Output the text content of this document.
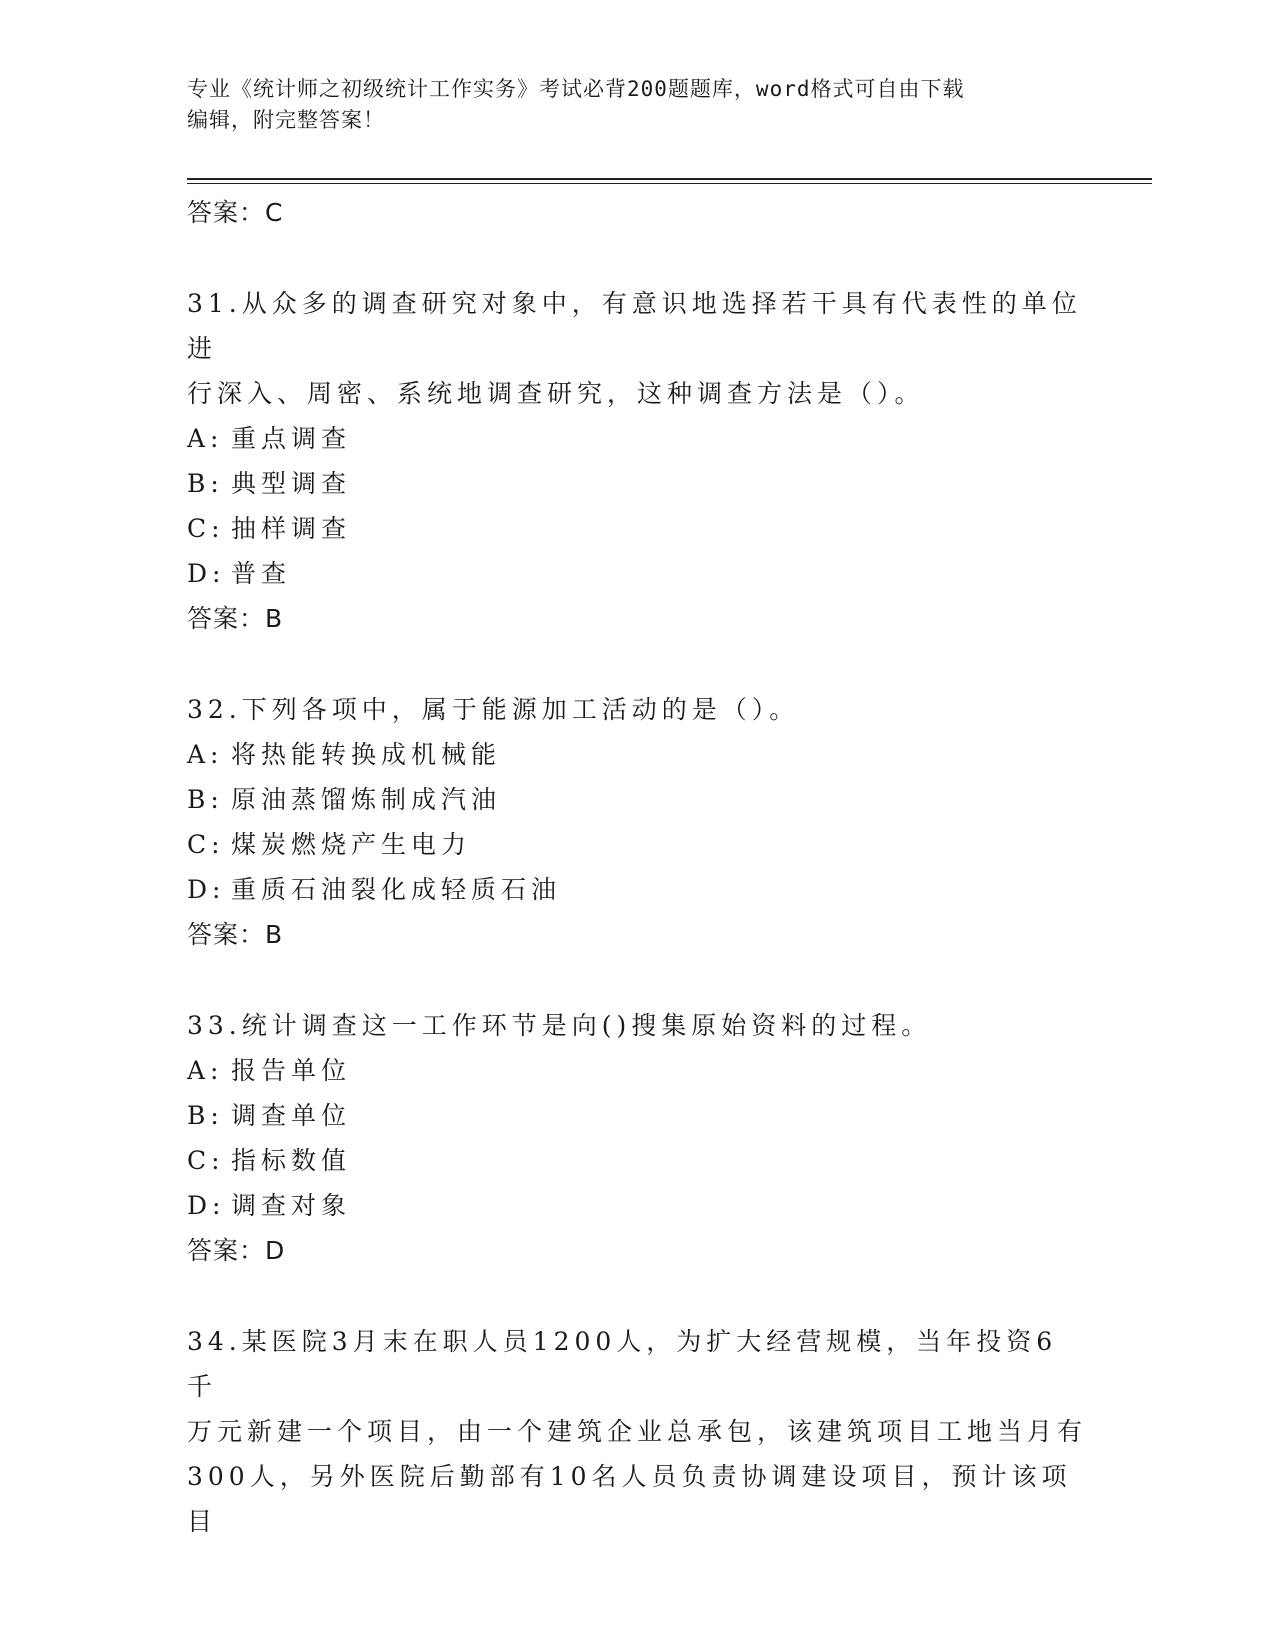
专业《统计师之初级统计工作实务》考试必背200题题库，word格式可自由下载
编辑，附完整答案！
答案：C
31.从众多的调查研究对象中，有意识地选择若干具有代表性的单位进
行深入、周密、系统地调查研究，这种调查方法是（）。
A: 重点调查
B: 典型调查
C: 抽样调查
D: 普查
答案：B
32.下列各项中，属于能源加工活动的是（）。
A: 将热能转换成机械能
B: 原油蒸馏炼制成汽油
C: 煤炭燃烧产生电力
D: 重质石油裂化成轻质石油
答案：B
33.统计调查这一工作环节是向()搜集原始资料的过程。
A: 报告单位
B: 调查单位
C: 指标数值
D: 调查对象
答案：D
34.某医院3月末在职人员1200人，为扩大经营规模，当年投资6千
万元新建一个项目，由一个建筑企业总承包，该建筑项目工地当月有
300人，另外医院后勤部有10名人员负责协调建设项目，预计该项目
